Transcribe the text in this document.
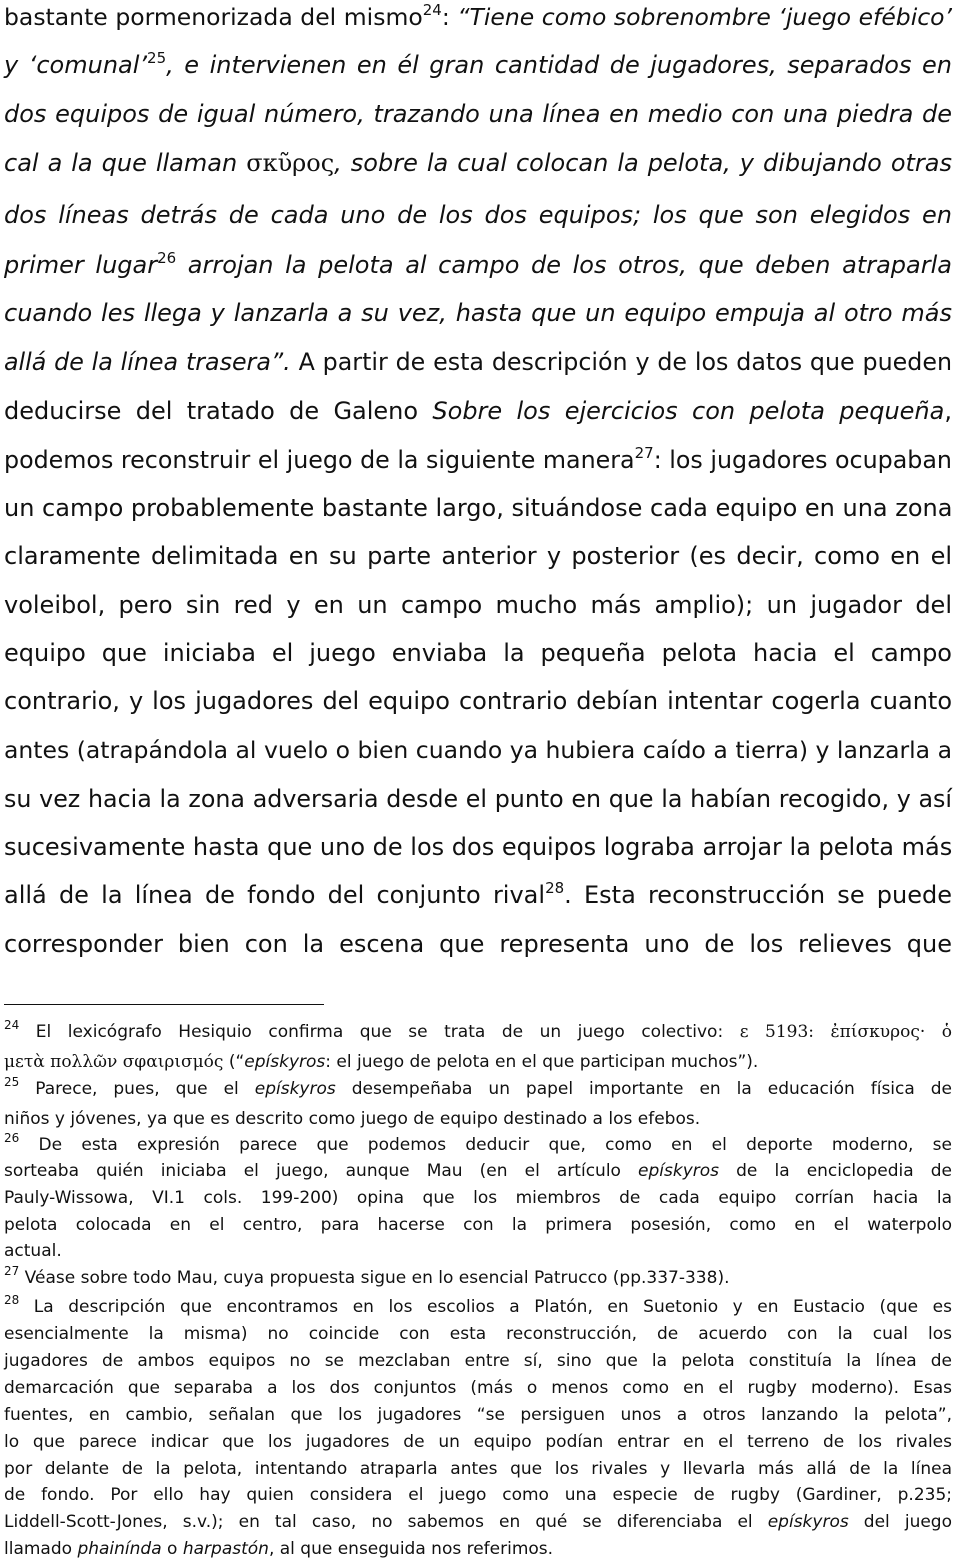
bastante pormenorizada del mismo$^{24}$: “Tiene como sobrenombre ‘juego efébico’

y ‘comunal’$^{25}$, e intervienen en él gran cantidad de jugadores, separados en

dos equipos de igual número, trazando una línea en medio con una piedra de

cal a la que llaman σκῦρος, sobre la cual colocan la pelota, y dibujando otras

dos líneas detrás de cada uno de los dos equipos; los que son elegidos en

primer lugar$^{26}$ arrojan la pelota al campo de los otros, que deben atraparla

cuando les llega y lanzarla a su vez, hasta que un equipo empuja al otro más

allá de la línea trasera”. A partir de esta descripción y de los datos que pueden

deducirse del tratado de Galeno Sobre los ejercicios con pelota pequeña,

podemos reconstruir el juego de la siguiente manera$^{27}$: los jugadores ocupaban

un campo probablemente bastante largo, situándose cada equipo en una zona

claramente delimitada en su parte anterior y posterior (es decir, como en el

voleibol, pero sin red y en un campo mucho más amplio); un jugador del

equipo que iniciaba el juego enviaba la pequeña pelota hacia el campo

contrario, y los jugadores del equipo contrario debían intentar cogerla cuanto

antes (atrapándola al vuelo o bien cuando ya hubiera caído a tierra) y lanzarla a

su vez hacia la zona adversaria desde el punto en que la habían recogido, y así

sucesivamente hasta que uno de los dos equipos lograba arrojar la pelota más

allá de la línea de fondo del conjunto rival$^{28}$. Esta reconstrucción se puede

corresponder bien con la escena que representa uno de los relieves que

$^{24}$ El lexicógrafo Hesiquio confirma que se trata de un juego colectivo: ε 5193: ἐπίσκυρος· ὁ

μετὰ πολλῶν σφαιρισμός (“epískyros: el juego de pelota en el que participan muchos”).

$^{25}$ Parece, pues, que el epískyros desempeñaba un papel importante en la educación física de

niños y jóvenes, ya que es descrito como juego de equipo destinado a los efebos.

$^{26}$ De esta expresión parece que podemos deducir que, como en el deporte moderno, se

sorteaba quién iniciaba el juego, aunque Mau (en el artículo epískyros de la enciclopedia de

Pauly-Wissowa, VI.1 cols. 199-200) opina que los miembros de cada equipo corrían hacia la

pelota colocada en el centro, para hacerse con la primera posesión, como en el waterpolo

actual.

$^{27}$ Véase sobre todo Mau, cuya propuesta sigue en lo esencial Patrucco (pp.337-338).

$^{28}$ La descripción que encontramos en los escolios a Platón, en Suetonio y en Eustacio (que es

esencialmente la misma) no coincide con esta reconstrucción, de acuerdo con la cual los

jugadores de ambos equipos no se mezclaban entre sí, sino que la pelota constituía la línea de

demarcación que separaba a los dos conjuntos (más o menos como en el rugby moderno). Esas

fuentes, en cambio, señalan que los jugadores “se persiguen unos a otros lanzando la pelota”,

lo que parece indicar que los jugadores de un equipo podían entrar en el terreno de los rivales

por delante de la pelota, intentando atraparla antes que los rivales y llevarla más allá de la línea

de fondo. Por ello hay quien considera el juego como una especie de rugby (Gardiner, p.235;

Liddell-Scott-Jones, s.v.); en tal caso, no sabemos en qué se diferenciaba el epískyros del juego

llamado phainínda o harpastón, al que enseguida nos referimos.
